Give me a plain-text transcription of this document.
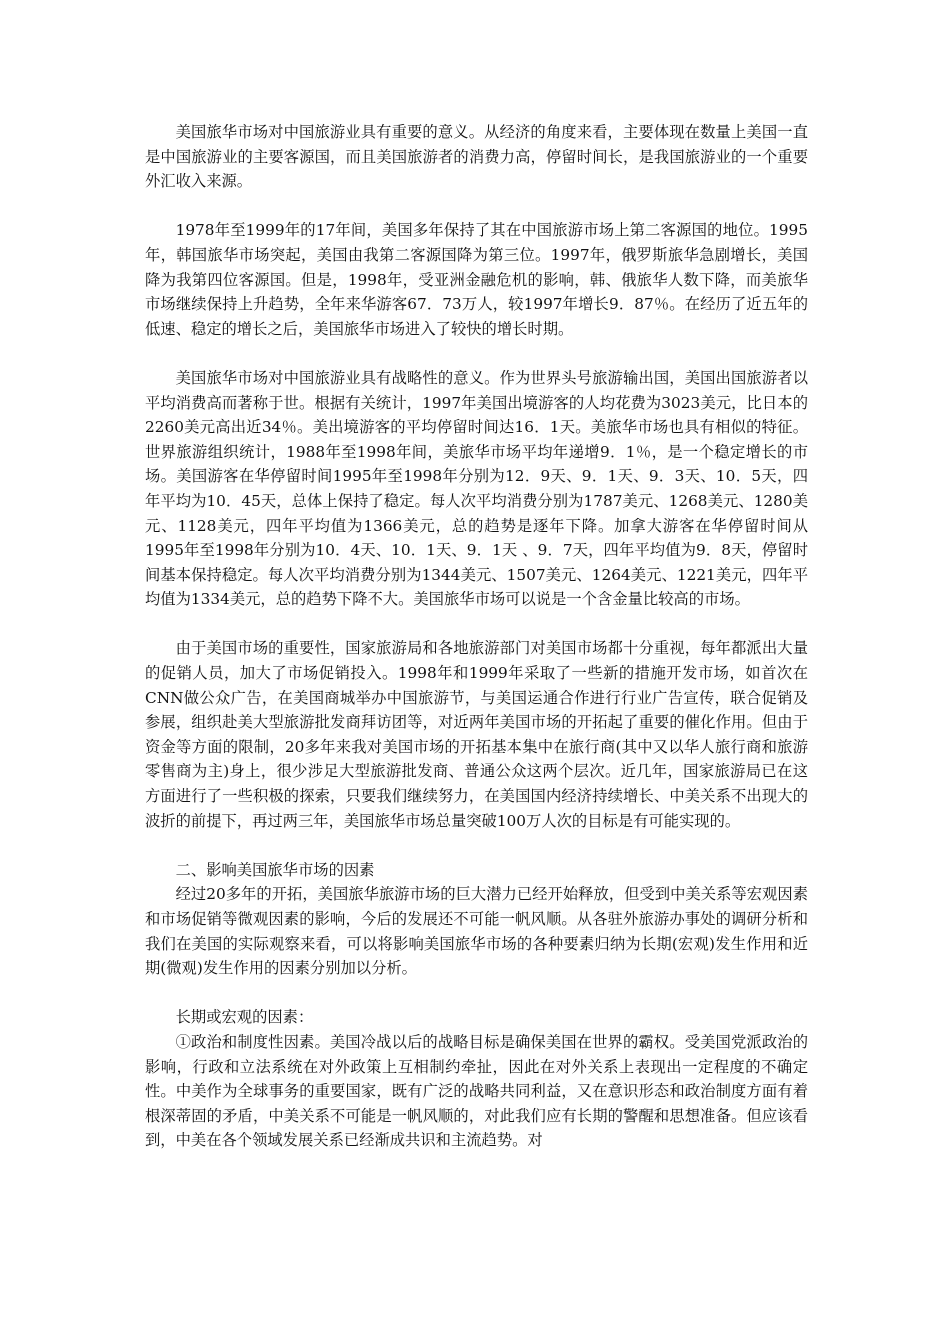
美国旅华市场对中国旅游业具有重要的意义。从经济的角度来看，主要体现在数量上美国一直是中国旅游业的主要客源国，而且美国旅游者的消费力高，停留时间长，是我国旅游业的一个重要外汇收入来源。

1978年至1999年的17年间，美国多年保持了其在中国旅游市场上第二客源国的地位。1995年，韩国旅华市场突起，美国由我第二客源国降为第三位。1997年，俄罗斯旅华急剧增长，美国降为我第四位客源国。但是，1998年，受亚洲金融危机的影响，韩、俄旅华人数下降，而美旅华市场继续保持上升趋势，全年来华游客67．73万人，较1997年增长9．87％。在经历了近五年的低速、稳定的增长之后，美国旅华市场进入了较快的增长时期。

美国旅华市场对中国旅游业具有战略性的意义。作为世界头号旅游输出国，美国出国旅游者以平均消费高而著称于世。根据有关统计，1997年美国出境游客的人均花费为3023美元，比日本的2260美元高出近34％。美出境游客的平均停留时间达16．1天。美旅华市场也具有相似的特征。世界旅游组织统计，1988年至1998年间，美旅华市场平均年递增9．1％，是一个稳定增长的市场。美国游客在华停留时间1995年至1998年分别为12．9天、9．1天、9．3天、10．5天，四年平均为10．45天，总体上保持了稳定。每人次平均消费分别为1787美元、1268美元、1280美元、1128美元，四年平均值为1366美元，总的趋势是逐年下降。加拿大游客在华停留时间从1995年至1998年分别为10．4天、10．1天、9．1天 、9．7天，四年平均值为9．8天，停留时间基本保持稳定。每人次平均消费分别为1344美元、1507美元、1264美元、1221美元，四年平均值为1334美元，总的趋势下降不大。美国旅华市场可以说是一个含金量比较高的市场。

由于美国市场的重要性，国家旅游局和各地旅游部门对美国市场都十分重视，每年都派出大量的促销人员，加大了市场促销投入。1998年和1999年采取了一些新的措施开发市场，如首次在CNN做公众广告，在美国商城举办中国旅游节，与美国运通合作进行行业广告宣传，联合促销及参展，组织赴美大型旅游批发商拜访团等，对近两年美国市场的开拓起了重要的催化作用。但由于资金等方面的限制，20多年来我对美国市场的开拓基本集中在旅行商(其中又以华人旅行商和旅游零售商为主)身上，很少涉足大型旅游批发商、普通公众这两个层次。近几年，国家旅游局已在这方面进行了一些积极的探索，只要我们继续努力，在美国国内经济持续增长、中美关系不出现大的波折的前提下，再过两三年，美国旅华市场总量突破100万人次的目标是有可能实现的。

二、影响美国旅华市场的因素

经过20多年的开拓，美国旅华旅游市场的巨大潜力已经开始释放，但受到中美关系等宏观因素和市场促销等微观因素的影响，今后的发展还不可能一帆风顺。从各驻外旅游办事处的调研分析和我们在美国的实际观察来看，可以将影响美国旅华市场的各种要素归纳为长期(宏观)发生作用和近期(微观)发生作用的因素分别加以分析。

长期或宏观的因素：

①政治和制度性因素。美国冷战以后的战略目标是确保美国在世界的霸权。受美国党派政治的影响，行政和立法系统在对外政策上互相制约牵扯，因此在对外关系上表现出一定程度的不确定性。中美作为全球事务的重要国家，既有广泛的战略共同利益，又在意识形态和政治制度方面有着根深蒂固的矛盾，中美关系不可能是一帆风顺的，对此我们应有长期的警醒和思想准备。但应该看到，中美在各个领域发展关系已经渐成共识和主流趋势。对
